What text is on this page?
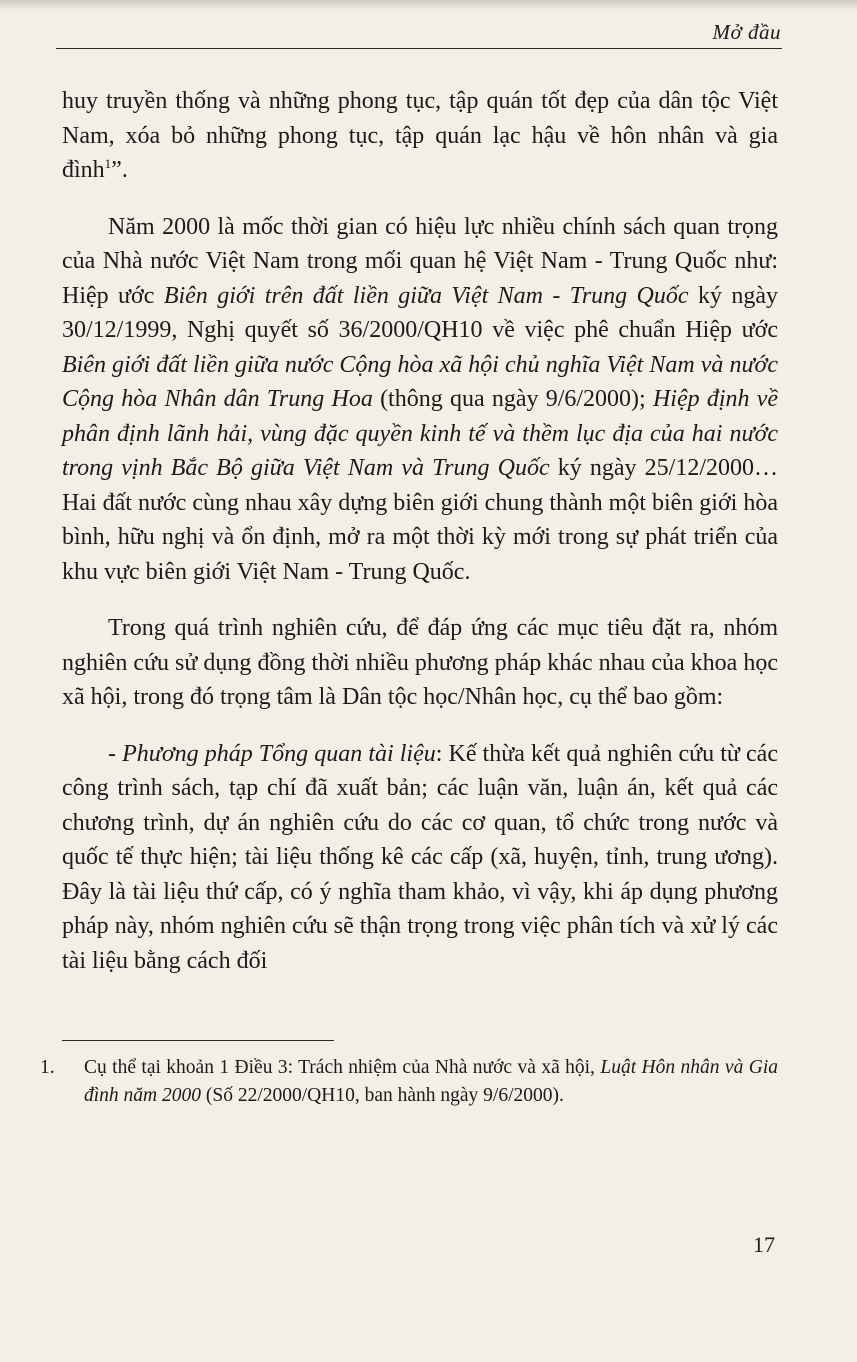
Mở đầu

huy truyền thống và những phong tục, tập quán tốt đẹp của dân tộc Việt Nam, xóa bỏ những phong tục, tập quán lạc hậu về hôn nhân và gia đình$^1$”.

Năm 2000 là mốc thời gian có hiệu lực nhiều chính sách quan trọng của Nhà nước Việt Nam trong mối quan hệ Việt Nam - Trung Quốc như: Hiệp ước Biên giới trên đất liền giữa Việt Nam - Trung Quốc ký ngày 30/12/1999, Nghị quyết số 36/2000/QH10 về việc phê chuẩn Hiệp ước Biên giới đất liền giữa nước Cộng hòa xã hội chủ nghĩa Việt Nam và nước Cộng hòa Nhân dân Trung Hoa (thông qua ngày 9/6/2000); Hiệp định về phân định lãnh hải, vùng đặc quyền kinh tế và thềm lục địa của hai nước trong vịnh Bắc Bộ giữa Việt Nam và Trung Quốc ký ngày 25/12/2000… Hai đất nước cùng nhau xây dựng biên giới chung thành một biên giới hòa bình, hữu nghị và ổn định, mở ra một thời kỳ mới trong sự phát triển của khu vực biên giới Việt Nam - Trung Quốc.

Trong quá trình nghiên cứu, để đáp ứng các mục tiêu đặt ra, nhóm nghiên cứu sử dụng đồng thời nhiều phương pháp khác nhau của khoa học xã hội, trong đó trọng tâm là Dân tộc học/Nhân học, cụ thể bao gồm:

- Phương pháp Tổng quan tài liệu: Kế thừa kết quả nghiên cứu từ các công trình sách, tạp chí đã xuất bản; các luận văn, luận án, kết quả các chương trình, dự án nghiên cứu do các cơ quan, tổ chức trong nước và quốc tế thực hiện; tài liệu thống kê các cấp (xã, huyện, tỉnh, trung ương). Đây là tài liệu thứ cấp, có ý nghĩa tham khảo, vì vậy, khi áp dụng phương pháp này, nhóm nghiên cứu sẽ thận trọng trong việc phân tích và xử lý các tài liệu bằng cách đối

1. Cụ thể tại khoản 1 Điều 3: Trách nhiệm của Nhà nước và xã hội, Luật Hôn nhân và Gia đình năm 2000 (Số 22/2000/QH10, ban hành ngày 9/6/2000).

17
